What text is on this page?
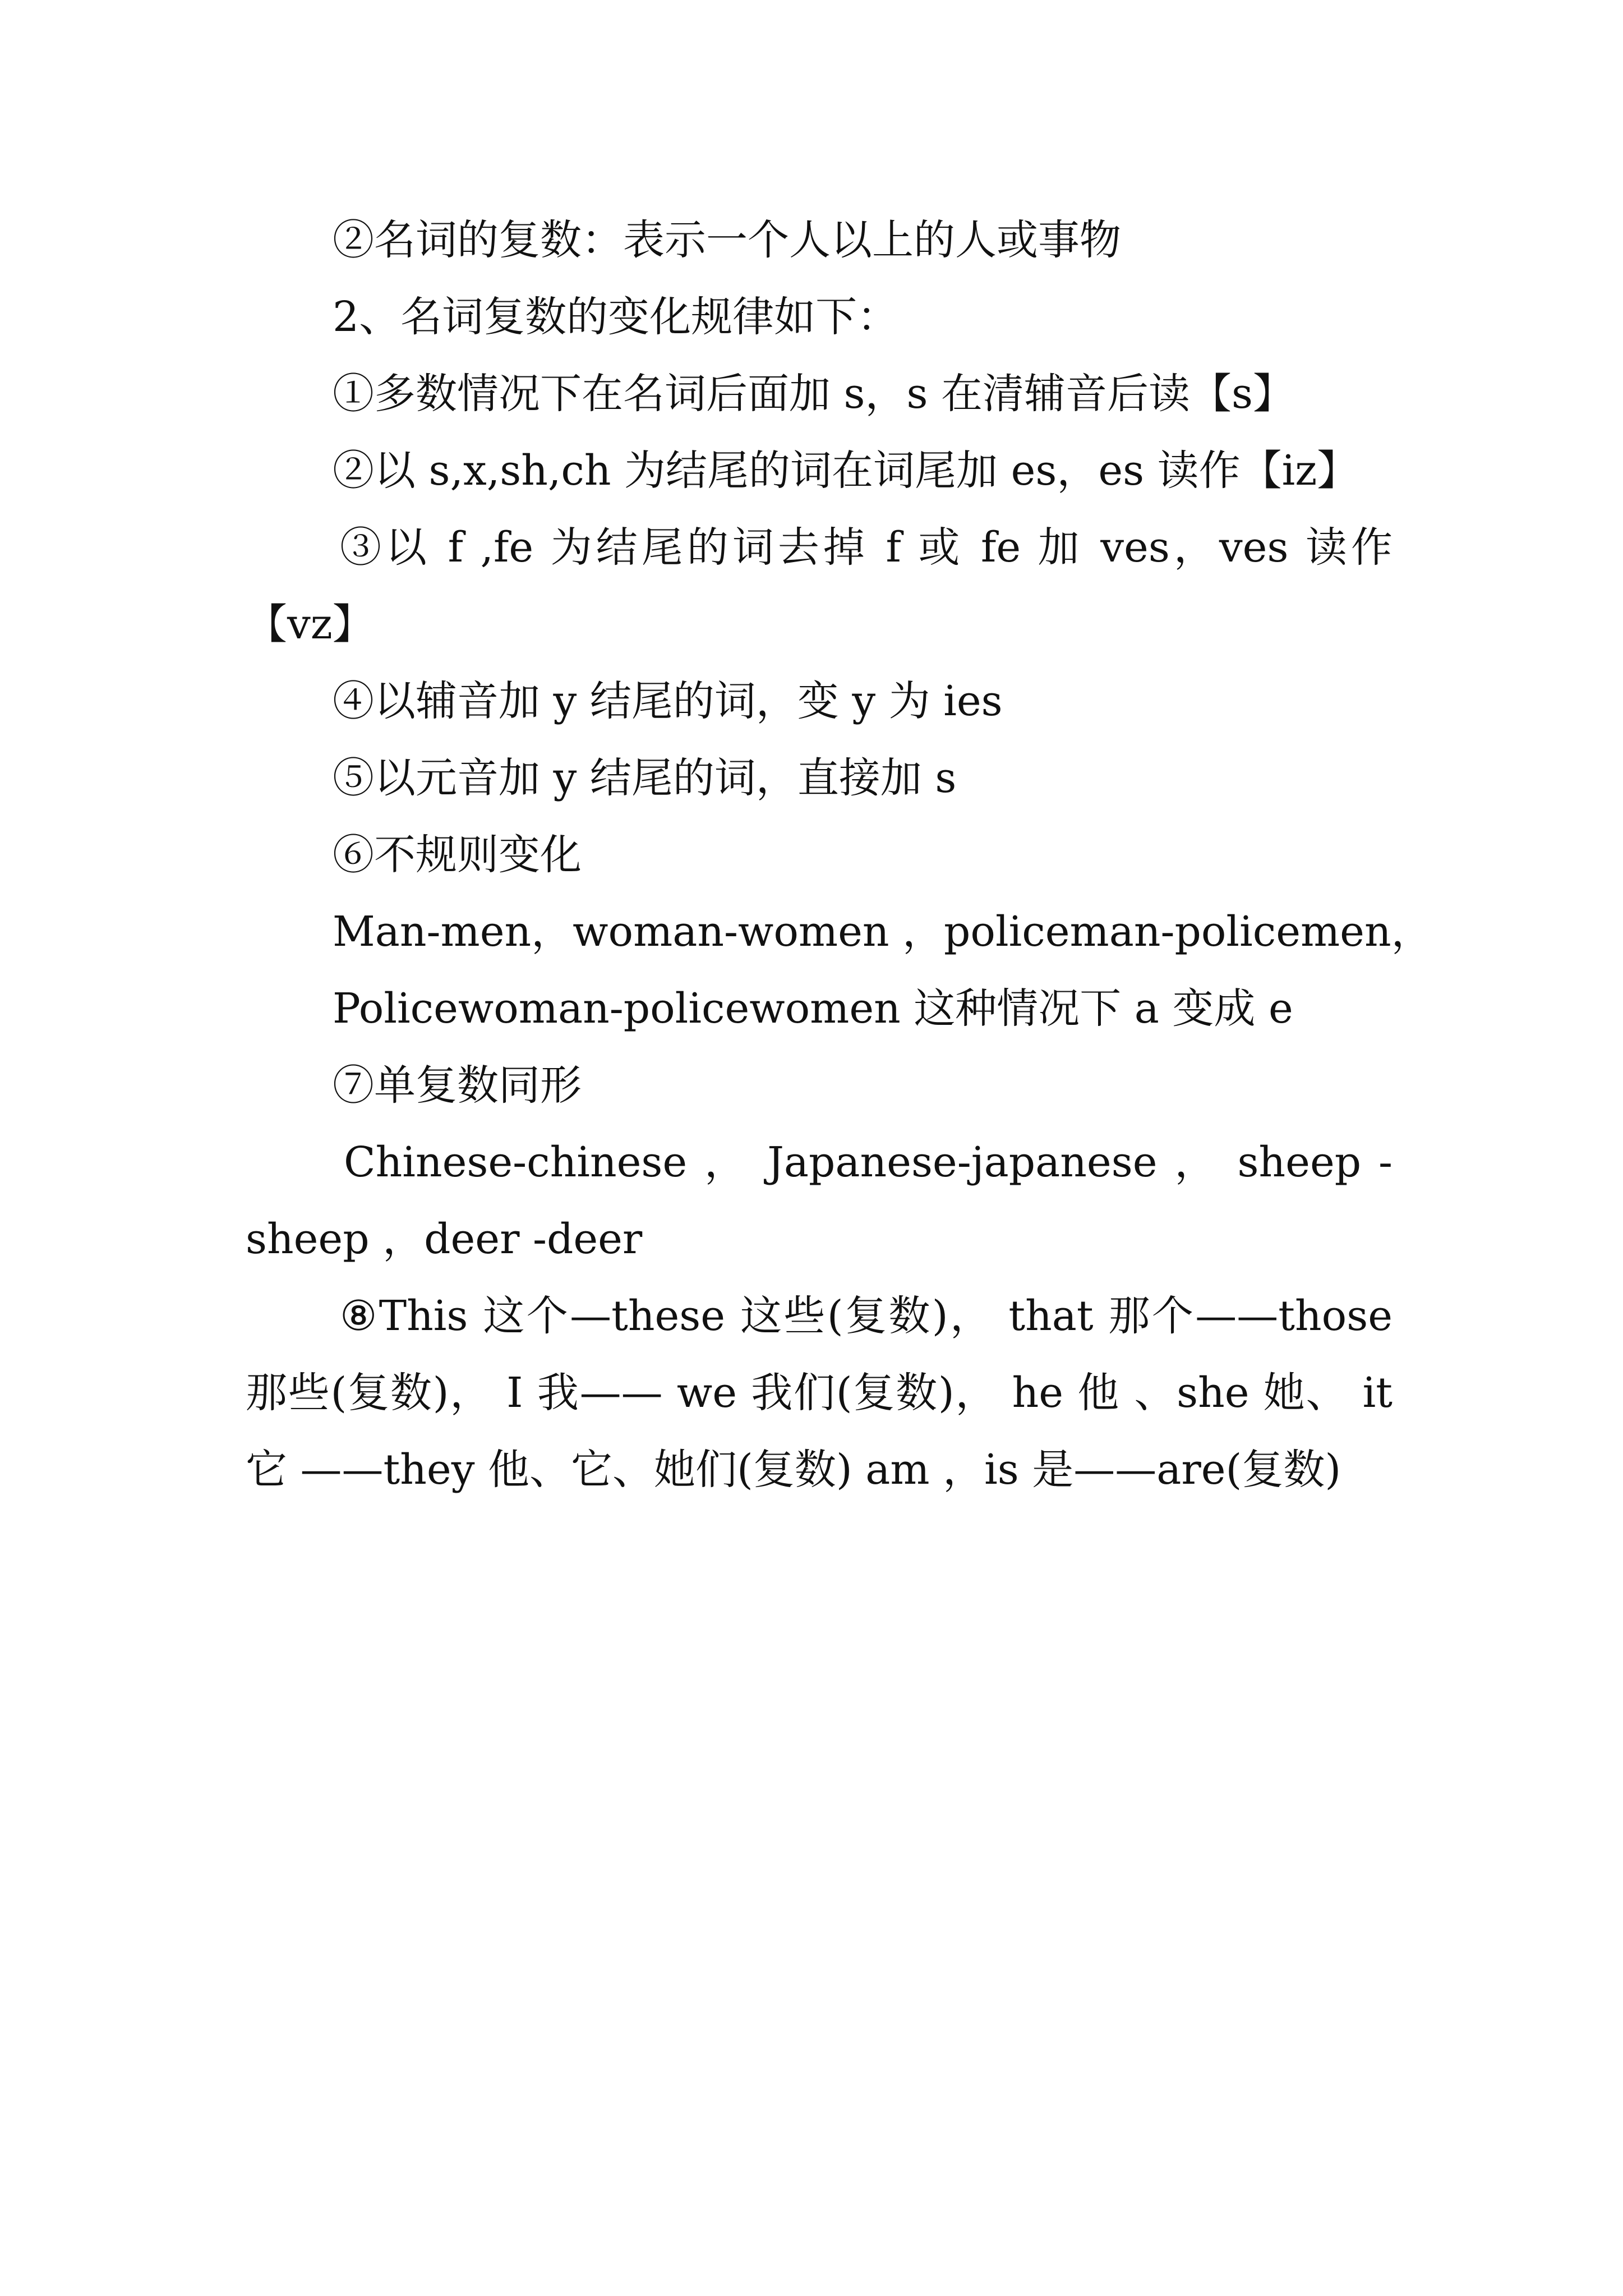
②名词的复数：表示一个人以上的人或事物
2、名词复数的变化规律如下：
①多数情况下在名词后面加 s，s 在清辅音后读【s】
②以 s,x,sh,ch 为结尾的词在词尾加 es，es 读作【iz】
③以 f ,fe 为结尾的词去掉 f 或 fe 加 ves，ves 读作【vz】
④以辅音加 y 结尾的词，变 y 为 ies
⑤以元音加 y 结尾的词，直接加 s
⑥不规则变化
Man-men，woman-women ，policeman-policemen，
Policewoman-policewomen 这种情况下 a 变成 e
⑦单复数同形
Chinese-chinese ， Japanese-japanese ， sheep -sheep ，deer -deer
⑧This 这个—these 这些(复数)， that 那个——those 那些(复数)， I 我—— we 我们(复数)， he 他 、she 她、 it 它 ——they 他、它、她们(复数) am ，is 是——are(复数)
